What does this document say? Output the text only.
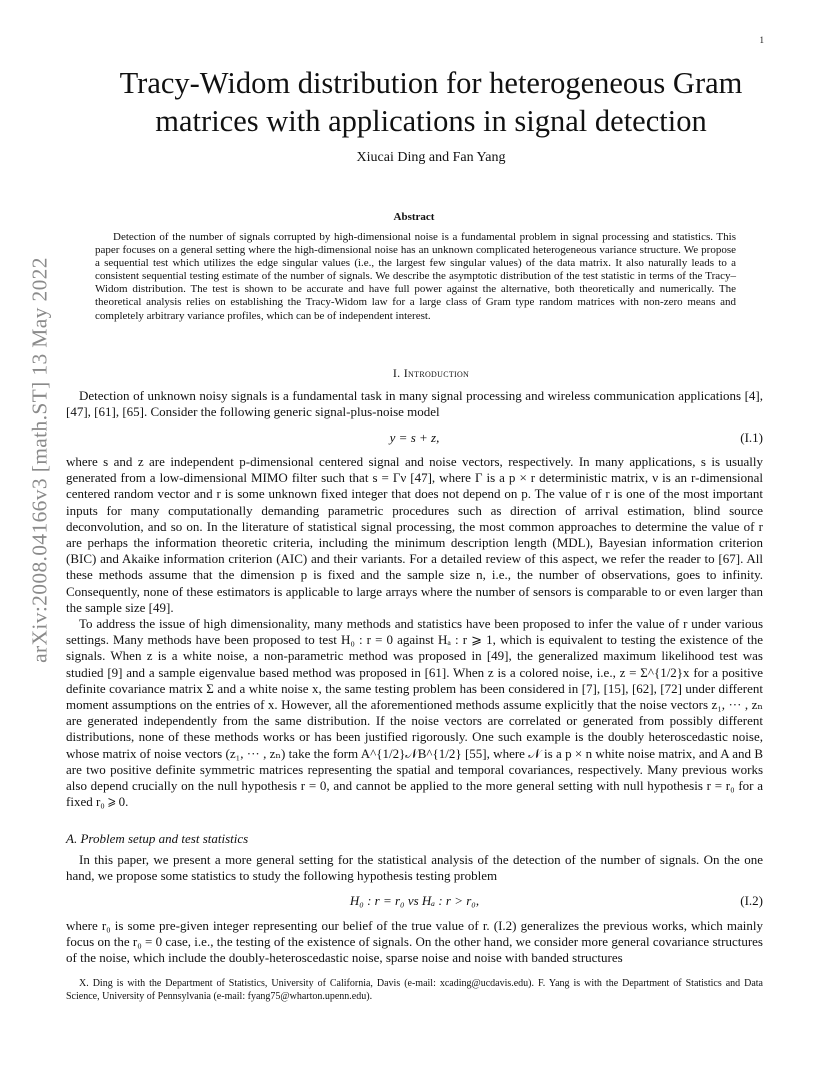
1
arXiv:2008.04166v3 [math.ST] 13 May 2022
Tracy-Widom distribution for heterogeneous Gram matrices with applications in signal detection
Xiucai Ding and Fan Yang
Abstract
Detection of the number of signals corrupted by high-dimensional noise is a fundamental problem in signal processing and statistics. This paper focuses on a general setting where the high-dimensional noise has an unknown complicated heterogeneous variance structure. We propose a sequential test which utilizes the edge singular values (i.e., the largest few singular values) of the data matrix. It also naturally leads to a consistent sequential testing estimate of the number of signals. We describe the asymptotic distribution of the test statistic in terms of the Tracy–Widom distribution. The test is shown to be accurate and have full power against the alternative, both theoretically and numerically. The theoretical analysis relies on establishing the Tracy-Widom law for a large class of Gram type random matrices with non-zero means and completely arbitrary variance profiles, which can be of independent interest.
I. Introduction

Detection of unknown noisy signals is a fundamental task in many signal processing and wireless communication applications [4], [47], [61], [65]. Consider the following generic signal-plus-noise model

y = s + z,	(I.1)

where s and z are independent p-dimensional centered signal and noise vectors, respectively. In many applications, s is usually generated from a low-dimensional MIMO filter such that s = Γν [47], where Γ is a p × r deterministic matrix, ν is an r-dimensional centered random vector and r is some unknown fixed integer that does not depend on p. The value of r is one of the most important inputs for many computationally demanding parametric procedures such as direction of arrival estimation, blind source deconvolution, and so on. In the literature of statistical signal processing, the most common approaches to determine the value of r are perhaps the information theoretic criteria, including the minimum description length (MDL), Bayesian information criterion (BIC) and Akaike information criterion (AIC) and their variants. For a detailed review of this aspect, we refer the reader to [67]. All these methods assume that the dimension p is fixed and the sample size n, i.e., the number of observations, goes to infinity. Consequently, none of these estimators is applicable to large arrays where the number of sensors is comparable to or even larger than the sample size [49].

To address the issue of high dimensionality, many methods and statistics have been proposed to infer the value of r under various settings. Many methods have been proposed to test H₀ : r = 0 against Hₐ : r ⩾ 1, which is equivalent to testing the existence of the signals. When z is a white noise, a non-parametric method was proposed in [49], the generalized maximum likelihood test was studied [9] and a sample eigenvalue based method was proposed in [61]. When z is a colored noise, i.e., z = Σ^{1/2}x for a positive definite covariance matrix Σ and a white noise x, the same testing problem has been considered in [7], [15], [62], [72] under different moment assumptions on the entries of x. However, all the aforementioned methods assume explicitly that the noise vectors z₁, ··· , zₙ are generated independently from the same distribution. If the noise vectors are correlated or generated from possibly different distributions, none of these methods works or has been justified rigorously. One such example is the doubly heteroscedastic noise, whose matrix of noise vectors (z₁, ··· , zₙ) take the form A^{1/2}𝒩B^{1/2} [55], where 𝒩 is a p × n white noise matrix, and A and B are two positive definite symmetric matrices representing the spatial and temporal covariances, respectively. Many previous works also depend crucially on the null hypothesis r = 0, and cannot be applied to the more general setting with null hypothesis r = r₀ for a fixed r₀ ⩾ 0.

A. Problem setup and test statistics

In this paper, we present a more general setting for the statistical analysis of the detection of the number of signals. On the one hand, we propose some statistics to study the following hypothesis testing problem

H₀ : r = r₀ vs Hₐ : r > r₀,	(I.2)

where r₀ is some pre-given integer representing our belief of the true value of r. (I.2) generalizes the previous works, which mainly focus on the r₀ = 0 case, i.e., the testing of the existence of signals. On the other hand, we consider more general covariance structures of the noise, which include the doubly-heteroscedastic noise, sparse noise and noise with banded structures

X. Ding is with the Department of Statistics, University of California, Davis (e-mail: xcading@ucdavis.edu). F. Yang is with the Department of Statistics and Data Science, University of Pennsylvania (e-mail: fyang75@wharton.upenn.edu).
